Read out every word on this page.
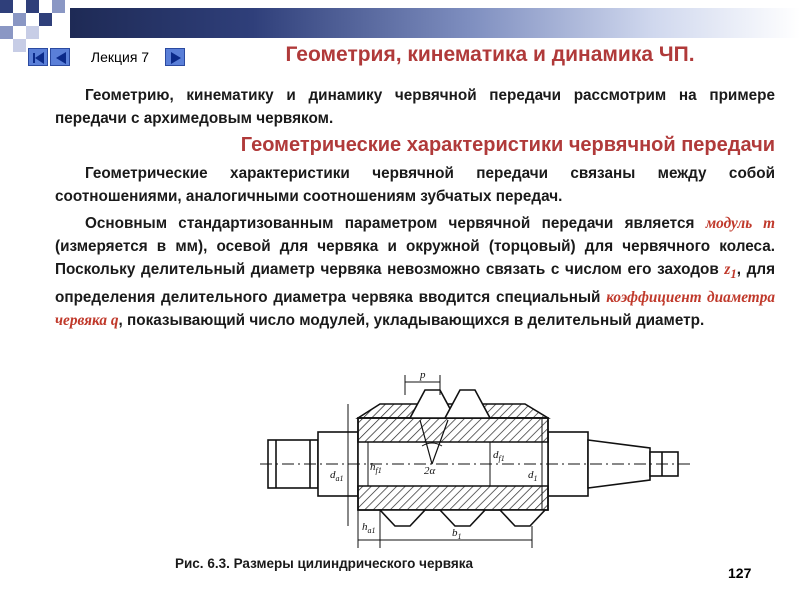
Лекция 7	Геометрия, кинематика и динамика ЧП.
Геометрию, кинематику и динамику червячной передачи рассмотрим на примере передачи с архимедовым червяком.
Геометрические характеристики червячной передачи
Геометрические характеристики червячной передачи связаны между собой соотношениями, аналогичными соотношениям зубчатых передач.
Основным стандартизованным параметром червячной передачи является модуль m (измеряется в мм), осевой для червяка и окружной (торцовый) для червячного колеса. Поскольку делительный диаметр червяка невозможно связать с числом его заходов $z_1$, для определения делительного диаметра червяка вводится специальный коэффициент диаметра червяка q, показывающий число модулей, укладывающихся в делительный диаметр.
p
2α
$d_{a1}$
$h_{f1}$
$d_{f1}$
$d_1$
$h_{a1}$	$b_1$
Рис. 6.3. Размеры цилиндрического червяка
127
